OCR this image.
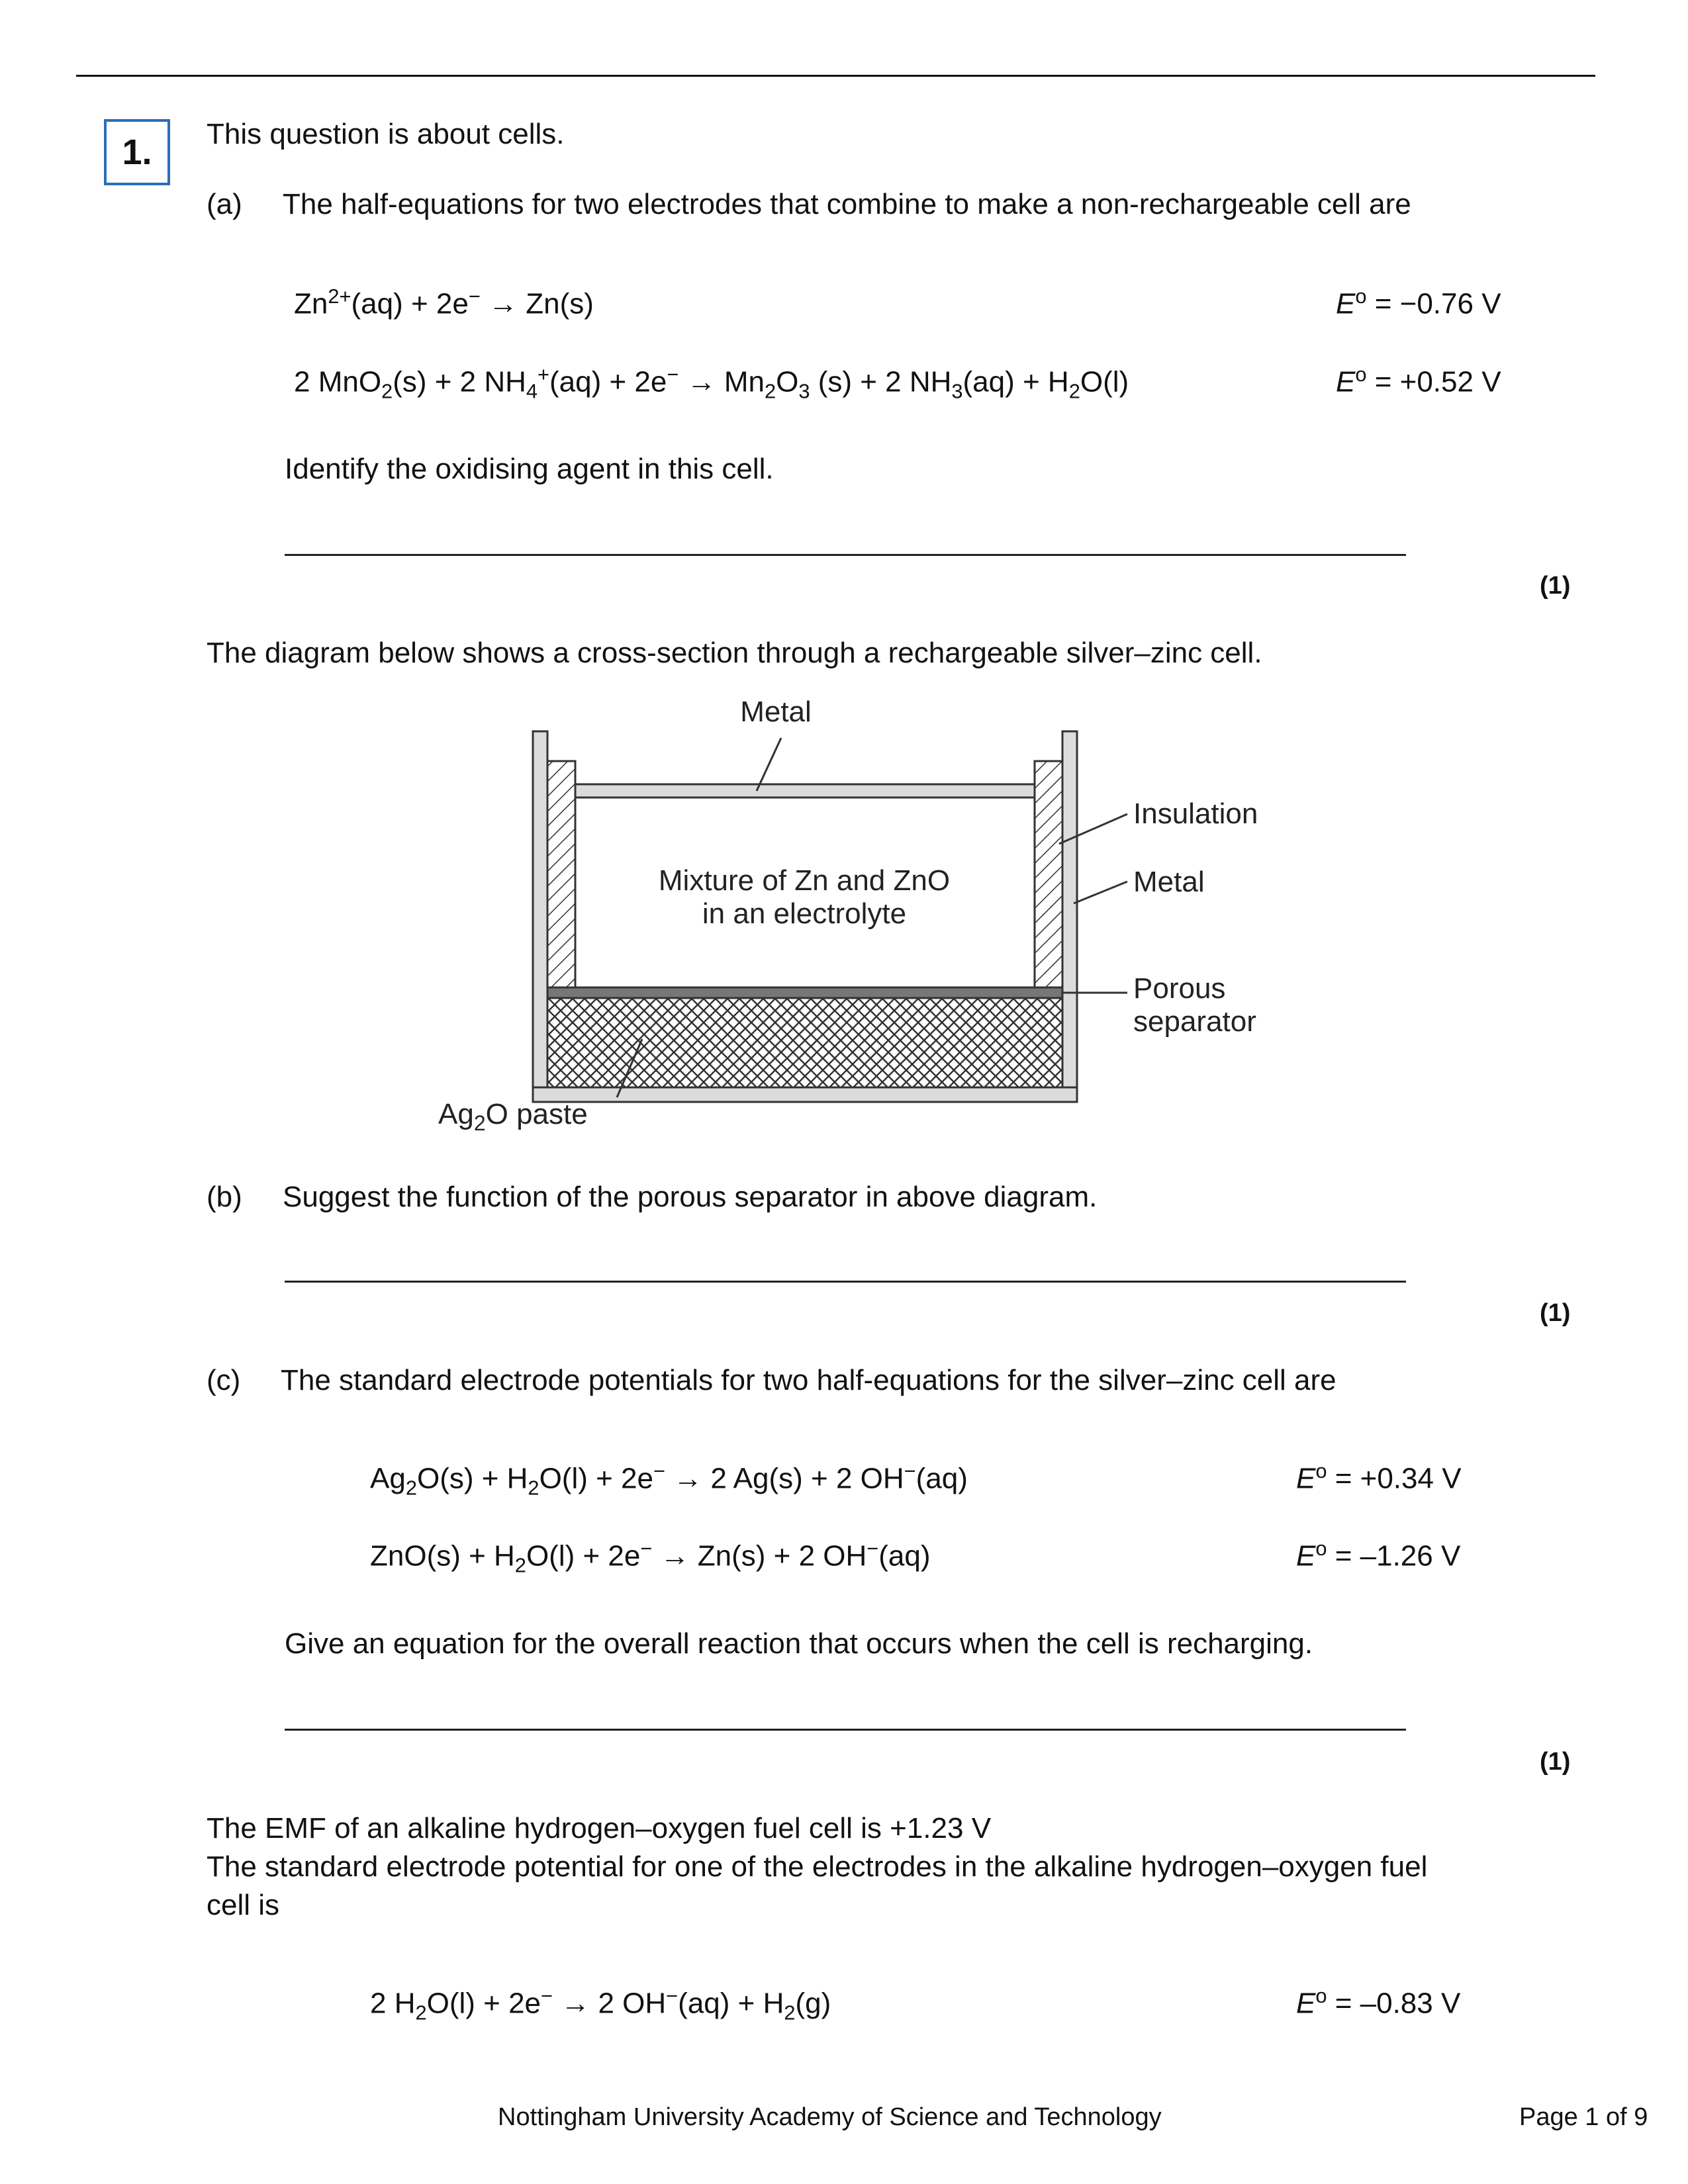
1. This question is about cells.
(a) The half-equations for two electrodes that combine to make a non-rechargeable cell are
$Zn^{2+}(aq) + 2e^- \to Zn(s)$	$E^o = -0.76$ V
2 MnO$_2$(s) + 2 $NH_4^+(aq) + 2e^- \to Mn_2O_3$ (s) + 2 $NH_3(aq) + H_2O(l)$	$E^o = +0.52$ V
Identify the oxidising agent in this cell.
(1)
The diagram below shows a cross-section through a rechargeable silver–zinc cell.
Metal
Insulation
Metal
Porous
separator
Mixture of Zn and ZnO
in an electrolyte
$Ag_2O$ paste
(b) Suggest the function of the porous separator in above diagram.
(1)
(c) The standard electrode potentials for two half-equations for the silver–zinc cell are
$Ag_2O(s) + H_2O(l) + 2e^- \to 2$ Ag(s) + 2 OH−(aq)	$E^o = +0.34$ V
$ZnO(s) + H_2O(l) + 2e^- \to Zn(s) + 2$ OH−(aq)	$E^o = -1.26$ V
Give an equation for the overall reaction that occurs when the cell is recharging.
(1)
The EMF of an alkaline hydrogen–oxygen fuel cell is +1.23 V
The standard electrode potential for one of the electrodes in the alkaline hydrogen–oxygen fuel
cell is
2 $H_2O(l) + 2e^- \to 2$ $OH^-(aq) + H_2(g)$	$E^o = -0.83$ V
Nottingham University Academy of Science and Technology	Page 1 of 9
